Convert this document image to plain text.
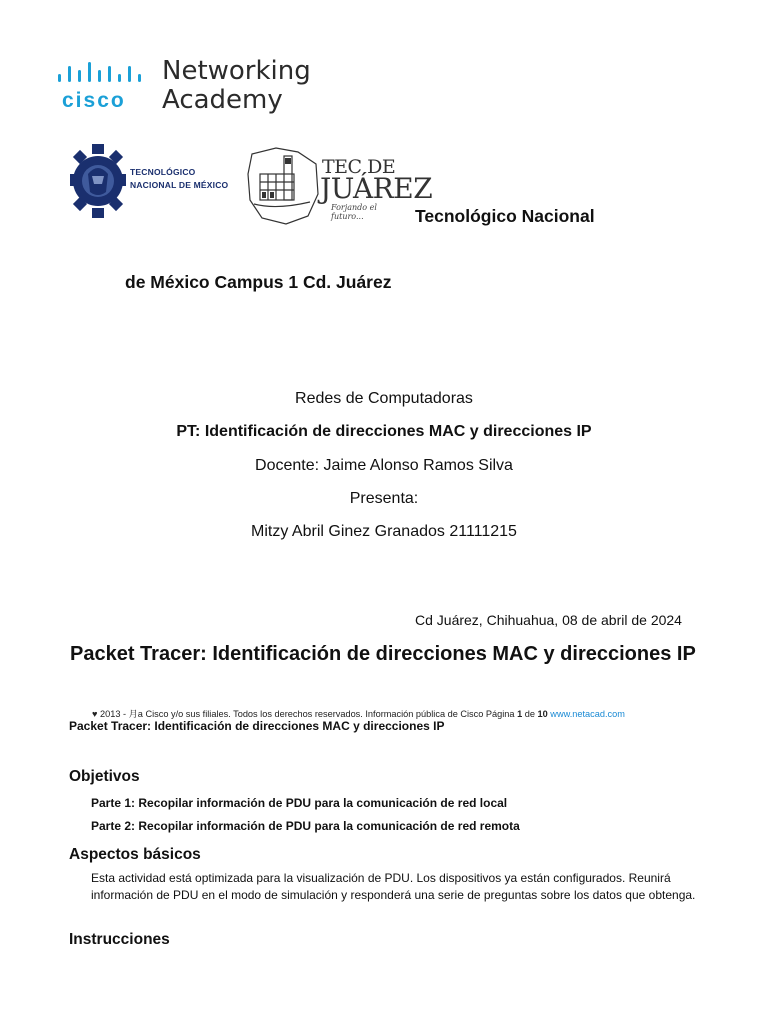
cisco
Networking
Academy
TECNOLÓGICO
NACIONAL DE MÉXICO
TEC DE
JUÁREZ
Forjando el futuro...	Tecnológico Nacional
de México Campus 1 Cd. Juárez
Redes de Computadoras
PT: Identificación de direcciones MAC y direcciones IP
Docente: Jaime Alonso Ramos Silva
Presenta:
Mitzy Abril Ginez Granados 21111215
Cd Juárez, Chihuahua, 08 de abril de 2024
Packet Tracer: Identificación de direcciones MAC y direcciones IP
♥ 2013 - 月a Cisco y/o sus filiales. Todos los derechos reservados. Información pública de Cisco Página 1 de 10 www.netacad.com
Packet Tracer: Identificación de direcciones MAC y direcciones IP
Objetivos
Parte 1: Recopilar información de PDU para la comunicación de red local
Parte 2: Recopilar información de PDU para la comunicación de red remota
Aspectos básicos
Esta actividad está optimizada para la visualización de PDU. Los dispositivos ya están configurados. Reunirá información de PDU en el modo de simulación y responderá una serie de preguntas sobre los datos que obtenga.
Instrucciones
